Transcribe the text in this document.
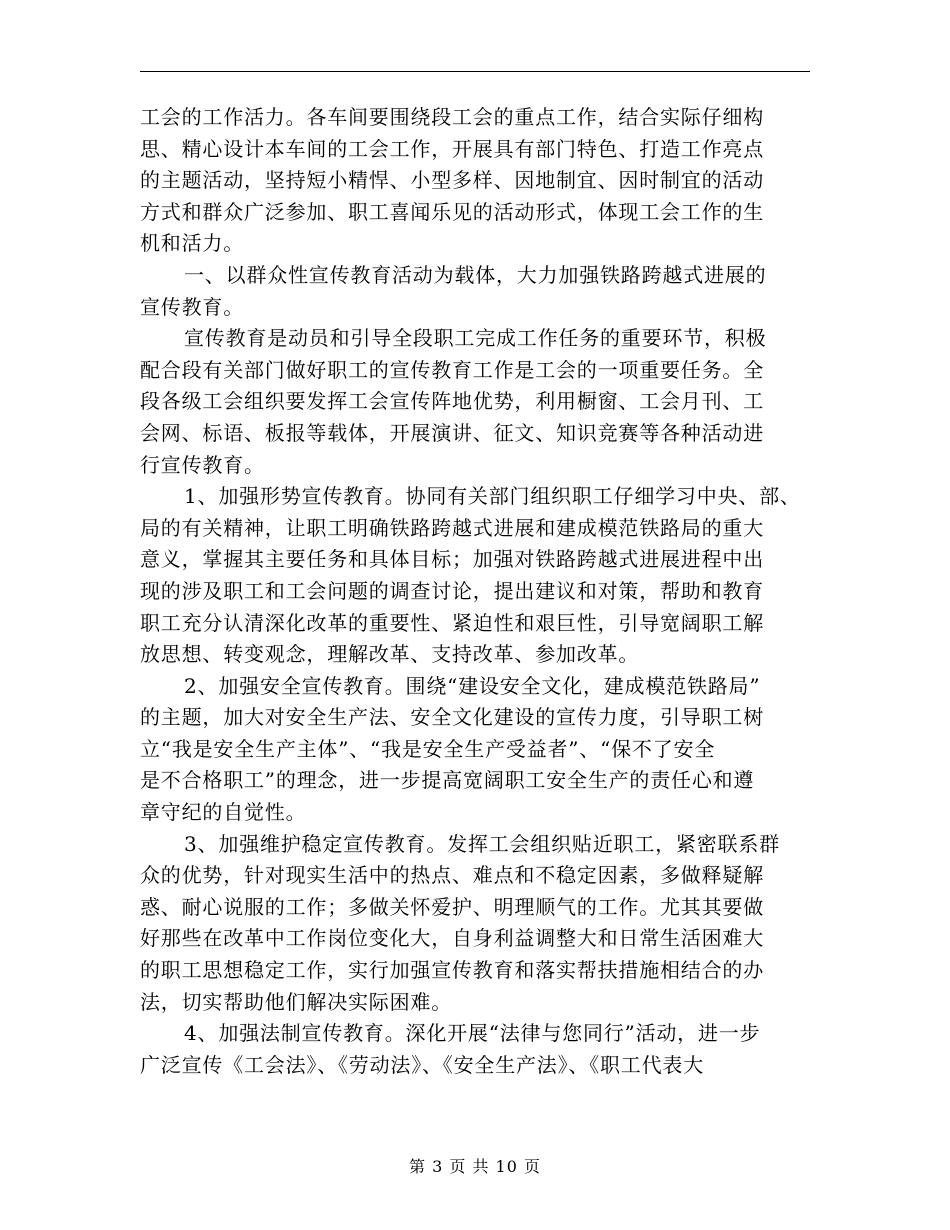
工会的工作活力。各车间要围绕段工会的重点工作，结合实际仔细构
思、精心设计本车间的工会工作，开展具有部门特色、打造工作亮点
的主题活动，坚持短小精悍、小型多样、因地制宜、因时制宜的活动
方式和群众广泛参加、职工喜闻乐见的活动形式，体现工会工作的生
机和活力。

一、以群众性宣传教育活动为载体，大力加强铁路跨越式进展的
宣传教育。

宣传教育是动员和引导全段职工完成工作任务的重要环节，积极
配合段有关部门做好职工的宣传教育工作是工会的一项重要任务。全
段各级工会组织要发挥工会宣传阵地优势，利用橱窗、工会月刊、工
会网、标语、板报等载体，开展演讲、征文、知识竞赛等各种活动进
行宣传教育。

1、加强形势宣传教育。协同有关部门组织职工仔细学习中央、部、
局的有关精神，让职工明确铁路跨越式进展和建成模范铁路局的重大
意义，掌握其主要任务和具体目标；加强对铁路跨越式进展进程中出
现的涉及职工和工会问题的调查讨论，提出建议和对策，帮助和教育
职工充分认清深化改革的重要性、紧迫性和艰巨性，引导宽阔职工解
放思想、转变观念，理解改革、支持改革、参加改革。

2、加强安全宣传教育。围绕“建设安全文化，建成模范铁路局”
的主题，加大对安全生产法、安全文化建设的宣传力度，引导职工树
立“我是安全生产主体”、“我是安全生产受益者”、“保不了安全
是不合格职工”的理念，进一步提高宽阔职工安全生产的责任心和遵
章守纪的自觉性。

3、加强维护稳定宣传教育。发挥工会组织贴近职工，紧密联系群
众的优势，针对现实生活中的热点、难点和不稳定因素，多做释疑解
惑、耐心说服的工作；多做关怀爱护、明理顺气的工作。尤其其要做
好那些在改革中工作岗位变化大，自身利益调整大和日常生活困难大
的职工思想稳定工作，实行加强宣传教育和落实帮扶措施相结合的办
法，切实帮助他们解决实际困难。

4、加强法制宣传教育。深化开展“法律与您同行”活动，进一步
广泛宣传《工会法》、《劳动法》、《安全生产法》、《职工代表大

第 3 页 共 10 页
